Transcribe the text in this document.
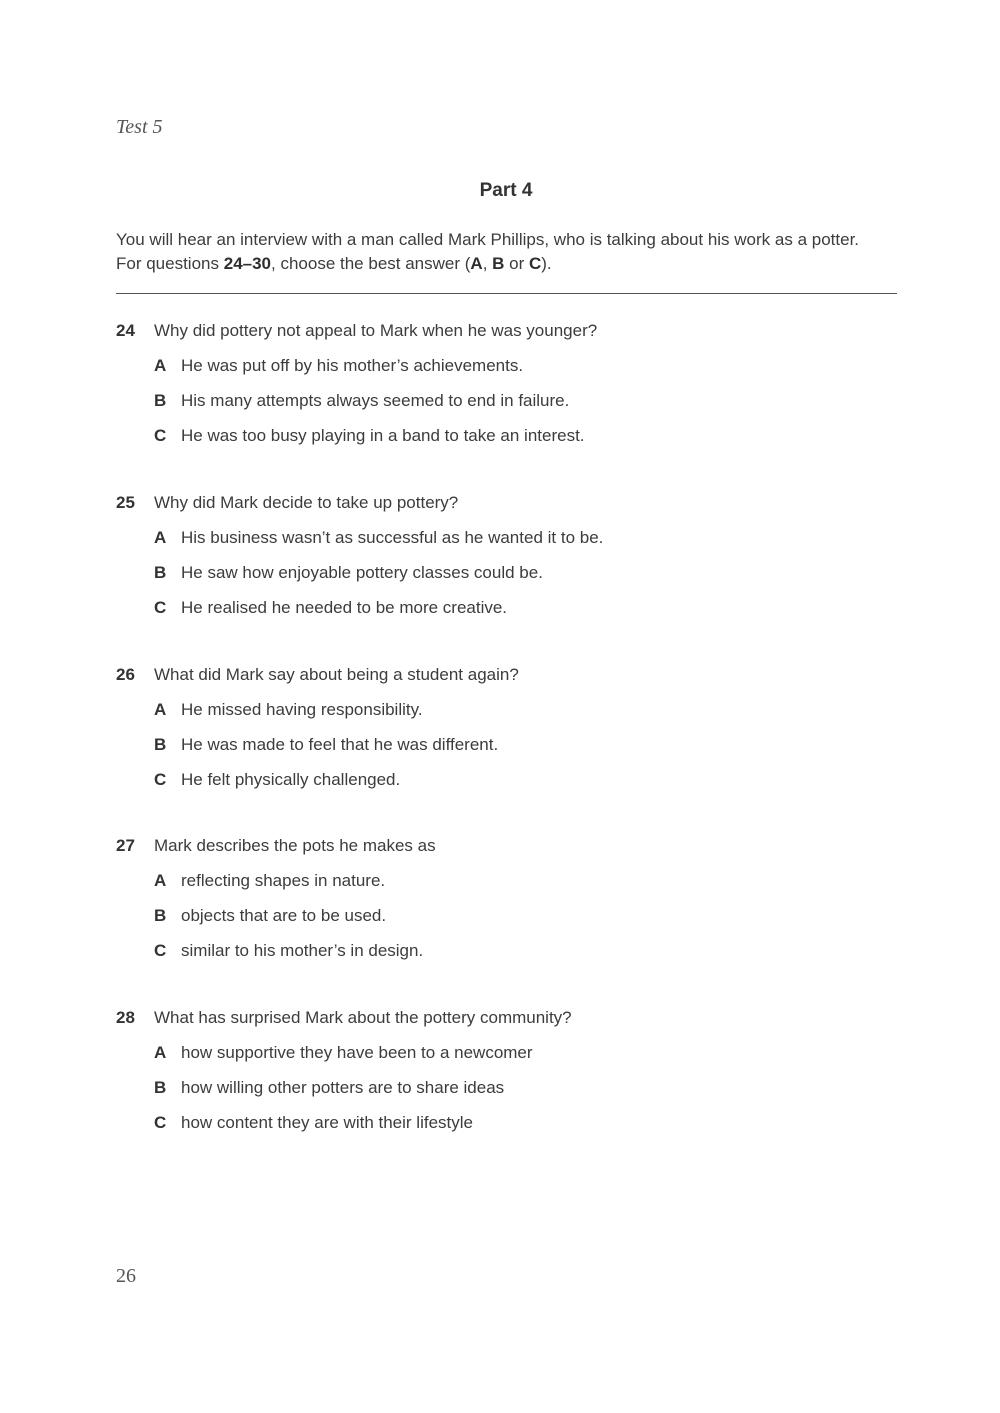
Test 5
Part 4

You will hear an interview with a man called Mark Phillips, who is talking about his work as a potter.

For questions 24–30, choose the best answer (A, B or C).

24 Why did pottery not appeal to Mark when he was younger?
A He was put off by his mother’s achievements.
B His many attempts always seemed to end in failure.
C He was too busy playing in a band to take an interest.
25 Why did Mark decide to take up pottery?
A His business wasn’t as successful as he wanted it to be.
B He saw how enjoyable pottery classes could be.
C He realised he needed to be more creative.
26 What did Mark say about being a student again?
A He missed having responsibility.
B He was made to feel that he was different.
C He felt physically challenged.
27 Mark describes the pots he makes as
A reflecting shapes in nature.
B objects that are to be used.
C similar to his mother’s in design.
28 What has surprised Mark about the pottery community?
A how supportive they have been to a newcomer
B how willing other potters are to share ideas
C how content they are with their lifestyle
26
